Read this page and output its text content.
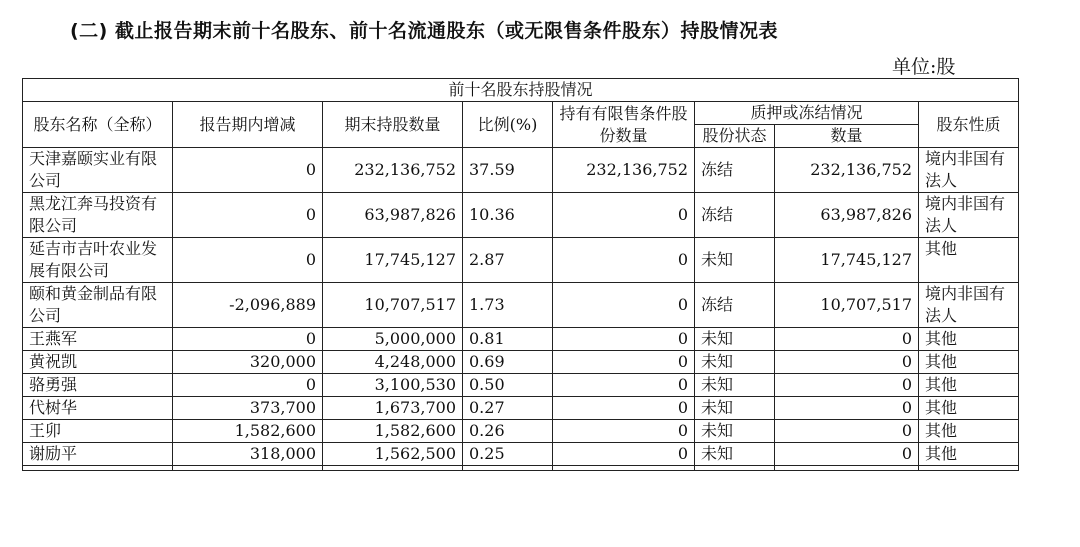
(二) 截止报告期末前十名股东、前十名流通股东（或无限售条件股东）持股情况表
单位:股
前十名股东持股情况							
股东名称（全称）	报告期内增减	期末持股数量	比例(%)	持有有限售条件股份数量	质押或冻结情况		股东性质
					股份状态	数量	
天津嘉颐实业有限公司	0	232,136,752	37.59	232,136,752	冻结	232,136,752	境内非国有法人
黑龙江奔马投资有限公司	0	63,987,826	10.36	0	冻结	63,987,826	境内非国有法人
延吉市吉叶农业发展有限公司	0	17,745,127	2.87	0	未知	17,745,127	其他
颐和黄金制品有限公司	-2,096,889	10,707,517	1.73	0	冻结	10,707,517	境内非国有法人
王燕军	0	5,000,000	0.81	0	未知	0	其他
黄祝凯	320,000	4,248,000	0.69	0	未知	0	其他
骆勇强	0	3,100,530	0.50	0	未知	0	其他
代树华	373,700	1,673,700	0.27	0	未知	0	其他
王卯	1,582,600	1,582,600	0.26	0	未知	0	其他
谢励平	318,000	1,562,500	0.25	0	未知	0	其他
